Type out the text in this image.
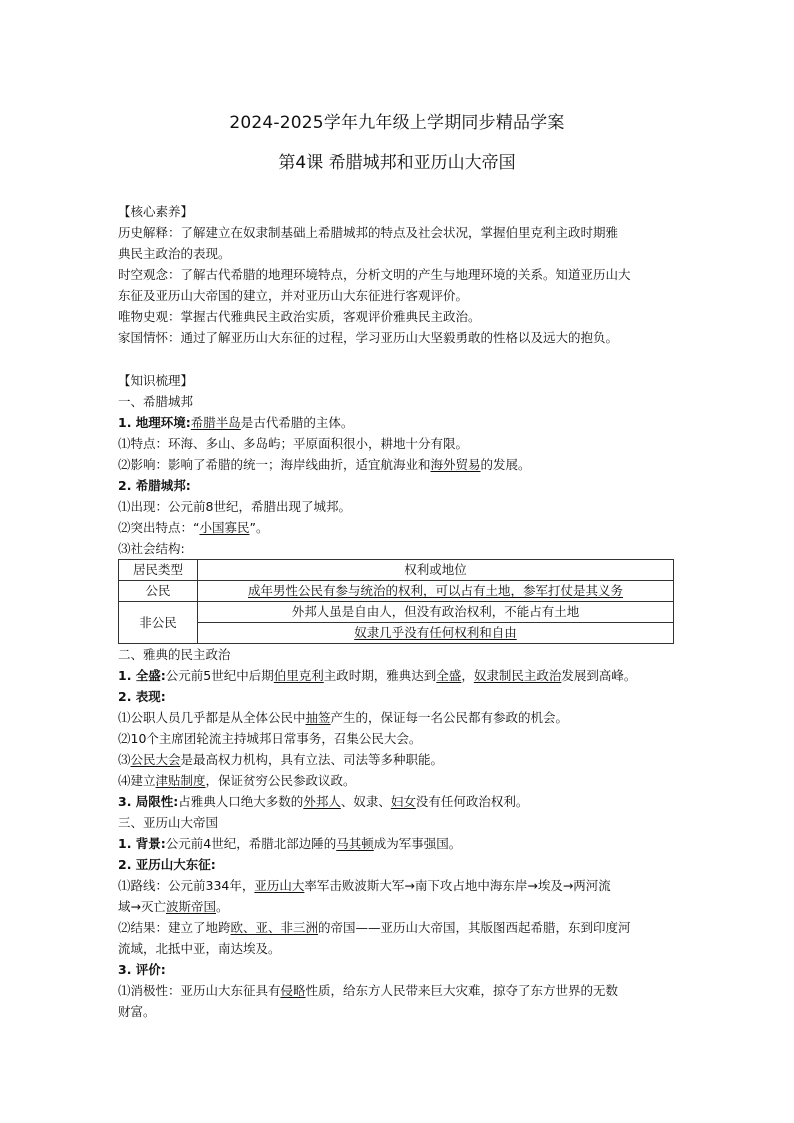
2024-2025学年九年级上学期同步精品学案
第4课 希腊城邦和亚历山大帝国
【核心素养】
历史解释：了解建立在奴隶制基础上希腊城邦的特点及社会状况，掌握伯里克利主政时期雅
典民主政治的表现。
时空观念：了解古代希腊的地理环境特点，分析文明的产生与地理环境的关系。知道亚历山大
东征及亚历山大帝国的建立，并对亚历山大东征进行客观评价。
唯物史观：掌握古代雅典民主政治实质，客观评价雅典民主政治。
家国情怀：通过了解亚历山大东征的过程，学习亚历山大坚毅勇敢的性格以及远大的抱负。
【知识梳理】
一、希腊城邦
1. 地理环境:希腊半岛是古代希腊的主体。
⑴特点：环海、多山、多岛屿；平原面积很小，耕地十分有限。
⑵影响：影响了希腊的统一；海岸线曲折，适宜航海业和海外贸易的发展。
2. 希腊城邦:
⑴出现：公元前8世纪，希腊出现了城邦。
⑵突出特点：“小国寡民”。
⑶社会结构:
居民类型	权利或地位
公民	成年男性公民有参与统治的权利，可以占有土地，参军打仗是其义务
非公民	外邦人虽是自由人，但没有政治权利，不能占有土地
	奴隶几乎没有任何权利和自由
二、雅典的民主政治
1. 全盛:公元前5世纪中后期伯里克利主政时期，雅典达到全盛，奴隶制民主政治发展到高峰。
2. 表现:
⑴公职人员几乎都是从全体公民中抽签产生的，保证每一名公民都有参政的机会。
⑵10个主席团轮流主持城邦日常事务，召集公民大会。
⑶公民大会是最高权力机构，具有立法、司法等多种职能。
⑷建立津贴制度，保证贫穷公民参政议政。
3. 局限性:占雅典人口绝大多数的外邦人、奴隶、妇女没有任何政治权利。
三、亚历山大帝国
1. 背景:公元前4世纪，希腊北部边陲的马其顿成为军事强国。
2. 亚历山大东征:
⑴路线：公元前334年，亚历山大率军击败波斯大军→南下攻占地中海东岸→埃及→两河流
域→灭亡波斯帝国。
⑵结果：建立了地跨欧、亚、非三洲的帝国——亚历山大帝国，其版图西起希腊，东到印度河
流域，北抵中亚，南达埃及。
3. 评价:
⑴消极性：亚历山大东征具有侵略性质，给东方人民带来巨大灾难，掠夺了东方世界的无数
财富。
